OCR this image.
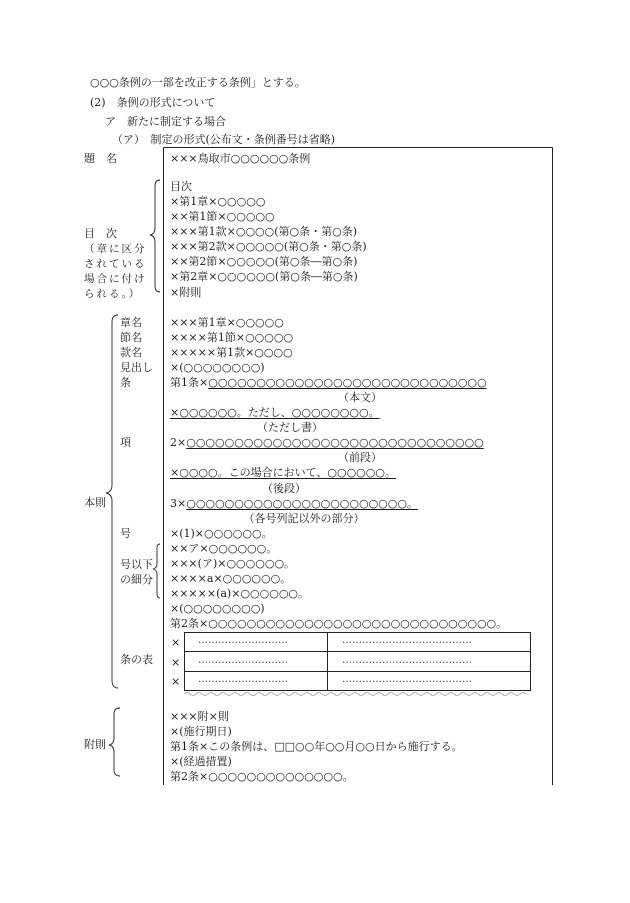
○○○条例の一部を改正する条例」とする。
(2)　条例の形式について
ア　新たに制定する場合
（ア）　制定の形式(公布文・条例番号は省略)
題　名
目　次
（章に区分
されている
場合に付け
られる。）
本則
章名
節名
款名
見出し
条
項
号
号以下
の細分
条の表
附則
×××鳥取市○○○○○○条例
目次
×第1章×○○○○○
××第1節×○○○○○
×××第1款×○○○○(第○条・第○条)
×××第2款×○○○○○(第○条・第○条)
××第2節×○○○○○(第○条―第○条)
×第2章×○○○○○○(第○条―第○条)
×附則
×××第1章×○○○○○
××××第1節×○○○○○
×××××第1款×○○○○
×(○○○○○○○○)
第1条×○○○○○○○○○○○○○○○○○○○○○○○○○○○○○
（本文）
×○○○○○○。ただし、○○○○○○○○。
（ただし書）
2×○○○○○○○○○○○○○○○○○○○○○○○○○○○○○○○
（前段）
×○○○○。この場合において、○○○○○○。
（後段）
3×○○○○○○○○○○○○○○○○○○○○○○○。
（各号列記以外の部分）
×(1)×○○○○○○。
××ア×○○○○○○。
×××(ア)×○○○○○○。
××××a×○○○○○○。
×××××(a)×○○○○○○。
×(○○○○○○○○)
第2条×○○○○○○○○○○○○○○○○○○○○○○○○○○○○○○。
×
×
×
………………………
………………………
………………………
…………………………………
…………………………………
…………………………………
×××附×則
×(施行期日)
第1条×この条例は、□□○○年○○月○○日から施行する。
×(経過措置)
第2条×○○○○○○○○○○○○○○。
